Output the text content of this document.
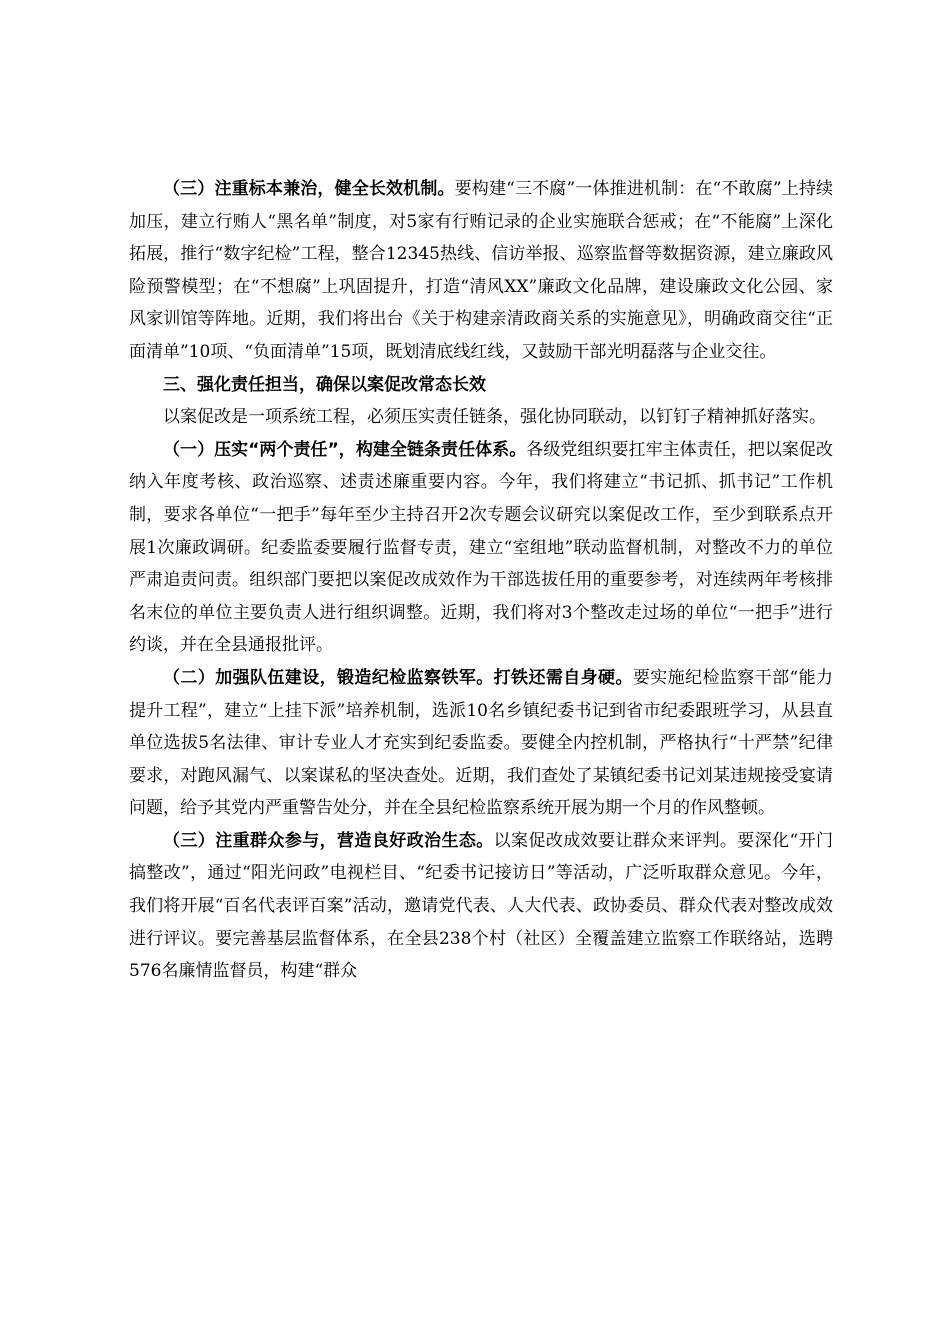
（三）注重标本兼治，健全长效机制。要构建“三不腐”一体推进机制：在“不敢腐”上持续加压，建立行贿人“黑名单”制度，对5家有行贿记录的企业实施联合惩戒；在“不能腐”上深化拓展，推行“数字纪检”工程，整合12345热线、信访举报、巡察监督等数据资源，建立廉政风险预警模型；在“不想腐”上巩固提升，打造“清风XX”廉政文化品牌，建设廉政文化公园、家风家训馆等阵地。近期，我们将出台《关于构建亲清政商关系的实施意见》，明确政商交往“正面清单”10项、“负面清单”15项，既划清底线红线，又鼓励干部光明磊落与企业交往。

三、强化责任担当，确保以案促改常态长效

以案促改是一项系统工程，必须压实责任链条，强化协同联动，以钉钉子精神抓好落实。

（一）压实“两个责任”，构建全链条责任体系。各级党组织要扛牢主体责任，把以案促改纳入年度考核、政治巡察、述责述廉重要内容。今年，我们将建立“书记抓、抓书记”工作机制，要求各单位“一把手”每年至少主持召开2次专题会议研究以案促改工作，至少到联系点开展1次廉政调研。纪委监委要履行监督专责，建立“室组地”联动监督机制，对整改不力的单位严肃追责问责。组织部门要把以案促改成效作为干部选拔任用的重要参考，对连续两年考核排名末位的单位主要负责人进行组织调整。近期，我们将对3个整改走过场的单位“一把手”进行约谈，并在全县通报批评。

（二）加强队伍建设，锻造纪检监察铁军。打铁还需自身硬。要实施纪检监察干部“能力提升工程”，建立“上挂下派”培养机制，选派10名乡镇纪委书记到省市纪委跟班学习，从县直单位选拔5名法律、审计专业人才充实到纪委监委。要健全内控机制，严格执行“十严禁”纪律要求，对跑风漏气、以案谋私的坚决查处。近期，我们查处了某镇纪委书记刘某违规接受宴请问题，给予其党内严重警告处分，并在全县纪检监察系统开展为期一个月的作风整顿。

（三）注重群众参与，营造良好政治生态。以案促改成效要让群众来评判。要深化“开门搞整改”，通过“阳光问政”电视栏目、“纪委书记接访日”等活动，广泛听取群众意见。今年，我们将开展“百名代表评百案”活动，邀请党代表、人大代表、政协委员、群众代表对整改成效进行评议。要完善基层监督体系，在全县238个村（社区）全覆盖建立监察工作联络站，选聘576名廉情监督员，构建“群众
